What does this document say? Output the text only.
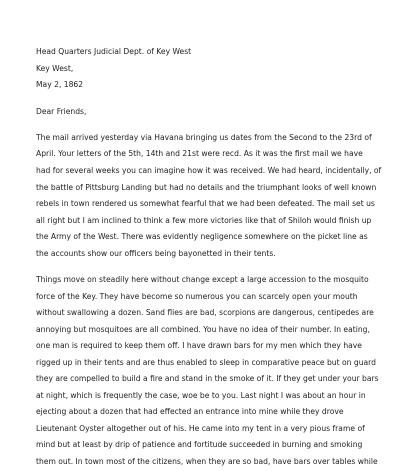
Head Quarters Judicial Dept. of Key West

Key West,

May 2, 1862

Dear Friends,

The mail arrived yesterday via Havana bringing us dates from the Second to the 23rd of

April. Your letters of the 5th, 14th and 21st were recd. As it was the first mail we have

had for several weeks you can imagine how it was received. We had heard, incidentally, of

the battle of Pittsburg Landing but had no details and the triumphant looks of well known

rebels in town rendered us somewhat fearful that we had been defeated. The mail set us

all right but I am inclined to think a few more victories like that of Shiloh would finish up

the Army of the West. There was evidently negligence somewhere on the picket line as

the accounts show our officers being bayonetted in their tents.

Things move on steadily here without change except a large accession to the mosquito

force of the Key. They have become so numerous you can scarcely open your mouth

without swallowing a dozen. Sand flies are bad, scorpions are dangerous, centipedes are

annoying but mosquitoes are all combined. You have no idea of their number. In eating,

one man is required to keep them off. I have drawn bars for my men which they have

rigged up in their tents and are thus enabled to sleep in comparative peace but on guard

they are compelled to build a fire and stand in the smoke of it. If they get under your bars

at night, which is frequently the case, woe be to you. Last night I was about an hour in

ejecting about a dozen that had effected an entrance into mine while they drove

Lieutenant Oyster altogether out of his. He came into my tent in a very pious frame of

mind but at least by drip of patience and fortitude succeeded in burning and smoking

them out. In town most of the citizens, when they are so bad, have bars over tables while
